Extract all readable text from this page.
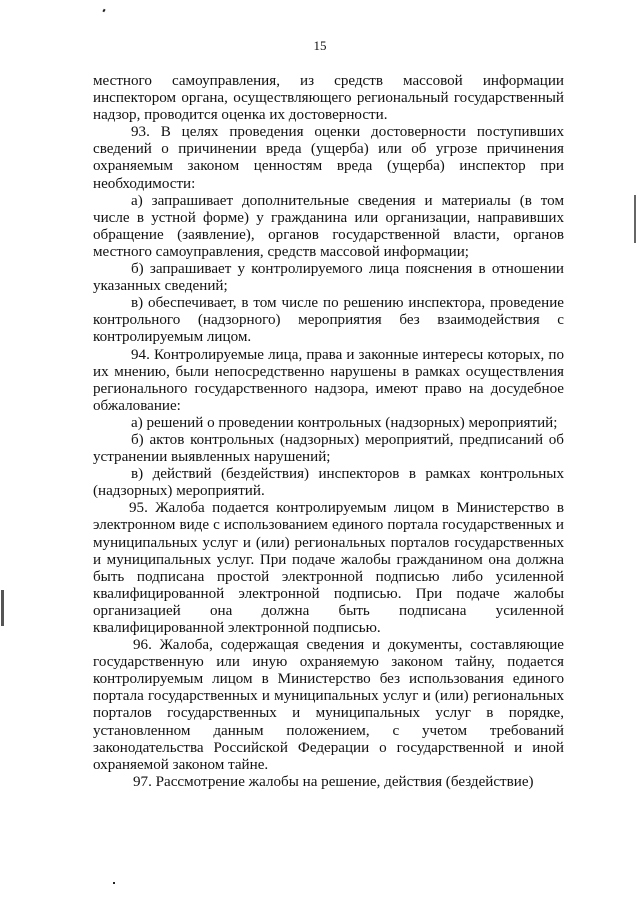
15

местного самоуправления, из средств массовой информации инспектором органа, осуществляющего региональный государственный надзор, проводится оценка их достоверности.

93. В целях проведения оценки достоверности поступивших сведений о причинении вреда (ущерба) или об угрозе причинения охраняемым законом ценностям вреда (ущерба) инспектор при необходимости:

а) запрашивает дополнительные сведения и материалы (в том числе в устной форме) у гражданина или организации, направивших обращение (заявление), органов государственной власти, органов местного самоуправления, средств массовой информации;

б) запрашивает у контролируемого лица пояснения в отношении указанных сведений;

в) обеспечивает, в том числе по решению инспектора, проведение контрольного (надзорного) мероприятия без взаимодействия с контролируемым лицом.

94. Контролируемые лица, права и законные интересы которых, по их мнению, были непосредственно нарушены в рамках осуществления регионального государственного надзора, имеют право на досудебное обжалование:

а) решений о проведении контрольных (надзорных) мероприятий;

б) актов контрольных (надзорных) мероприятий, предписаний об устранении выявленных нарушений;

в) действий (бездействия) инспекторов в рамках контрольных (надзорных) мероприятий.

95. Жалоба подается контролируемым лицом в Министерство в электронном виде с использованием единого портала государственных и муниципальных услуг и (или) региональных порталов государственных и муниципальных услуг. При подаче жалобы гражданином она должна быть подписана простой электронной подписью либо усиленной квалифицированной электронной подписью. При подаче жалобы организацией она должна быть подписана усиленной квалифицированной электронной подписью.

96. Жалоба, содержащая сведения и документы, составляющие государственную или иную охраняемую законом тайну, подается контролируемым лицом в Министерство без использования единого портала государственных и муниципальных услуг и (или) региональных порталов государственных и муниципальных услуг в порядке, установленном данным положением, с учетом требований законодательства Российской Федерации о государственной и иной охраняемой законом тайне.

97. Рассмотрение жалобы на решение, действия (бездействие)
